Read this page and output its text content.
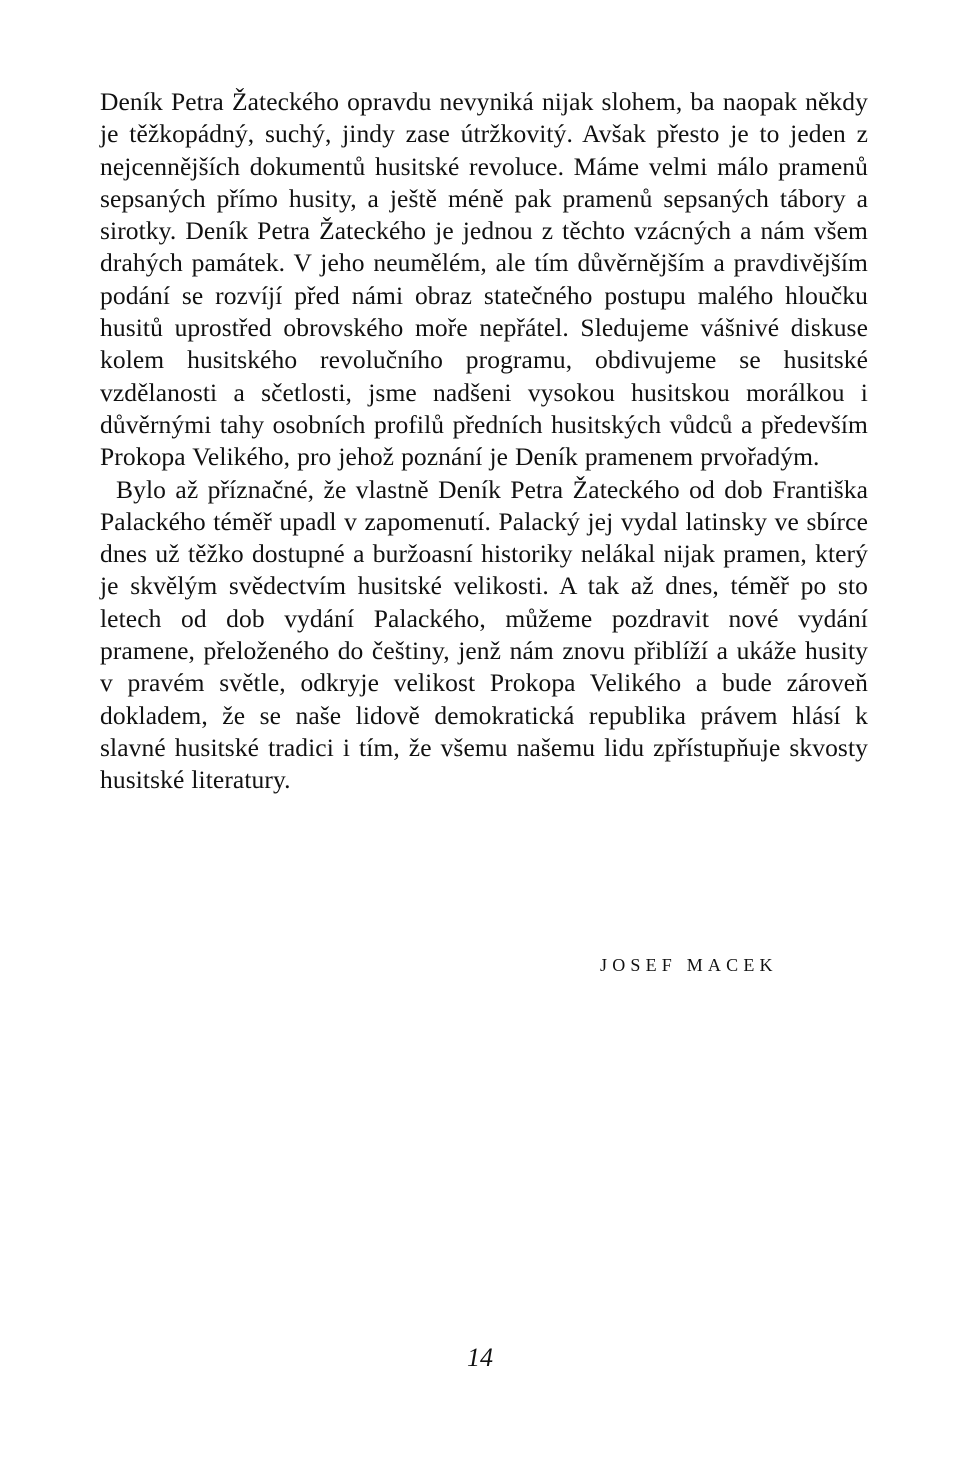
Deník Petra Žateckého opravdu nevyniká nijak slohem, ba naopak někdy je těžkopádný, suchý, jindy zase útržkovitý. Avšak přesto je to jeden z nejcennějších dokumentů husitské revoluce. Máme velmi málo pramenů sepsaných přímo husity, a ještě méně pak pramenů sepsaných tábory a sirotky. Deník Petra Žateckého je jednou z těchto vzácných a nám všem drahých památek. V jeho neumělém, ale tím důvěrnějším a pravdivějším podání se rozvíjí před námi obraz statečného postupu malého hloučku husitů uprostřed obrovského moře nepřátel. Sledujeme vášnivé diskuse kolem husitského revolučního programu, obdivujeme se husitské vzdělanosti a sčetlosti, jsme nadšeni vysokou husitskou morálkou i důvěrnými tahy osobních profilů předních husitských vůdců a především Prokopa Velikého, pro jehož poznání je Deník pramenem prvořadým.

Bylo až příznačné, že vlastně Deník Petra Žateckého od dob Františka Palackého téměř upadl v zapomenutí. Palacký jej vydal latinsky ve sbírce dnes už těžko dostupné a buržoasní historiky nelákal nijak pramen, který je skvělým svědectvím husitské velikosti. A tak až dnes, téměř po sto letech od dob vydání Palackého, můžeme pozdravit nové vydání pramene, přeloženého do češtiny, jenž nám znovu přiblíží a ukáže husity v pravém světle, odkryje velikost Prokopa Velikého a bude zároveň dokladem, že se naše lidově demokratická republika právem hlásí k slavné husitské tradici i tím, že všemu našemu lidu zpřístupňuje skvosty husitské literatury.

JOSEF MACEK

14
